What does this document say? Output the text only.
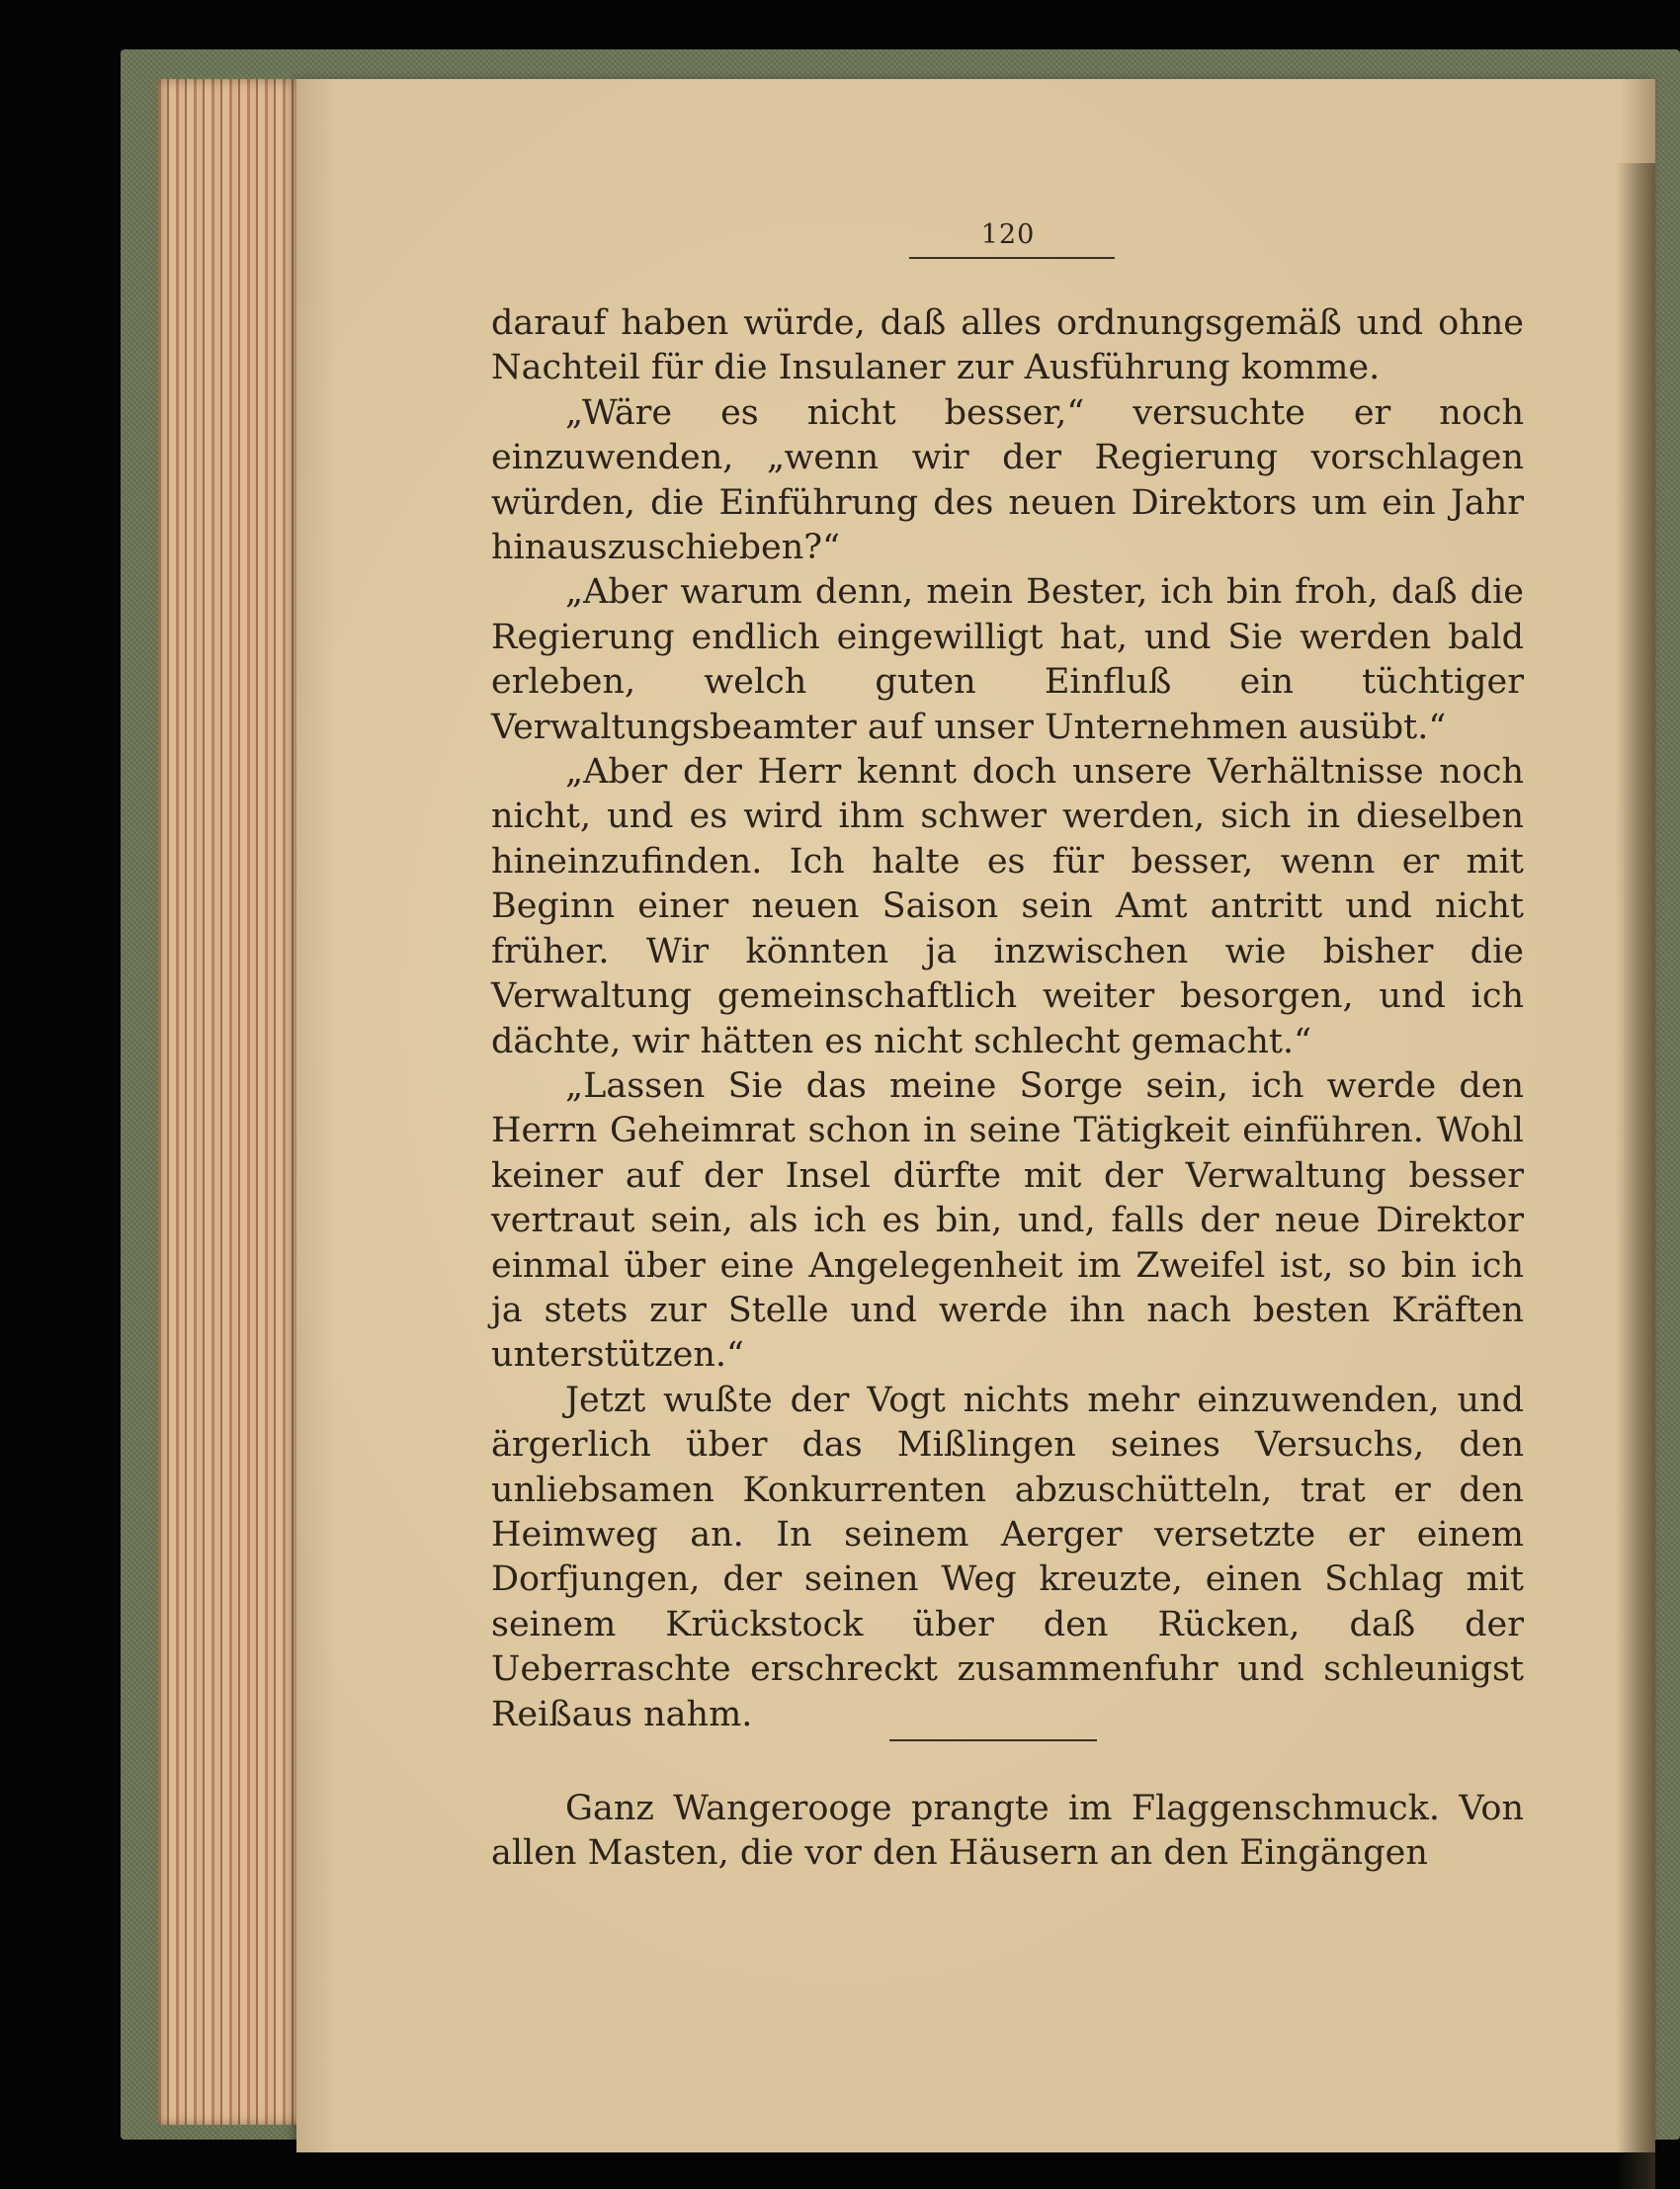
120

darauf haben würde, daß alles ordnungsgemäß und ohne Nachteil für die Insulaner zur Ausführung komme.

„Wäre es nicht besser,“ versuchte er noch einzuwenden, „wenn wir der Regierung vorschlagen würden, die Einführung des neuen Direktors um ein Jahr hinauszuschieben?“

„Aber warum denn, mein Bester, ich bin froh, daß die Regierung endlich eingewilligt hat, und Sie werden bald erleben, welch guten Einfluß ein tüchtiger Verwaltungsbeamter auf unser Unternehmen ausübt.“

„Aber der Herr kennt doch unsere Verhältnisse noch nicht, und es wird ihm schwer werden, sich in dieselben hineinzufinden. Ich halte es für besser, wenn er mit Beginn einer neuen Saison sein Amt antritt und nicht früher. Wir könnten ja inzwischen wie bisher die Verwaltung gemeinschaftlich weiter besorgen, und ich dächte, wir hätten es nicht schlecht gemacht.“

„Lassen Sie das meine Sorge sein, ich werde den Herrn Geheimrat schon in seine Tätigkeit einführen. Wohl keiner auf der Insel dürfte mit der Verwaltung besser vertraut sein, als ich es bin, und, falls der neue Direktor einmal über eine Angelegenheit im Zweifel ist, so bin ich ja stets zur Stelle und werde ihn nach besten Kräften unterstützen.“

Jetzt wußte der Vogt nichts mehr einzuwenden, und ärgerlich über das Mißlingen seines Versuchs, den unliebsamen Konkurrenten abzuschütteln, trat er den Heimweg an. In seinem Aerger versetzte er einem Dorfjungen, der seinen Weg kreuzte, einen Schlag mit seinem Krückstock über den Rücken, daß der Ueberraschte erschreckt zusammenfuhr und schleunigst Reißaus nahm.

Ganz Wangerooge prangte im Flaggenschmuck. Von allen Masten, die vor den Häusern an den Eingängen
